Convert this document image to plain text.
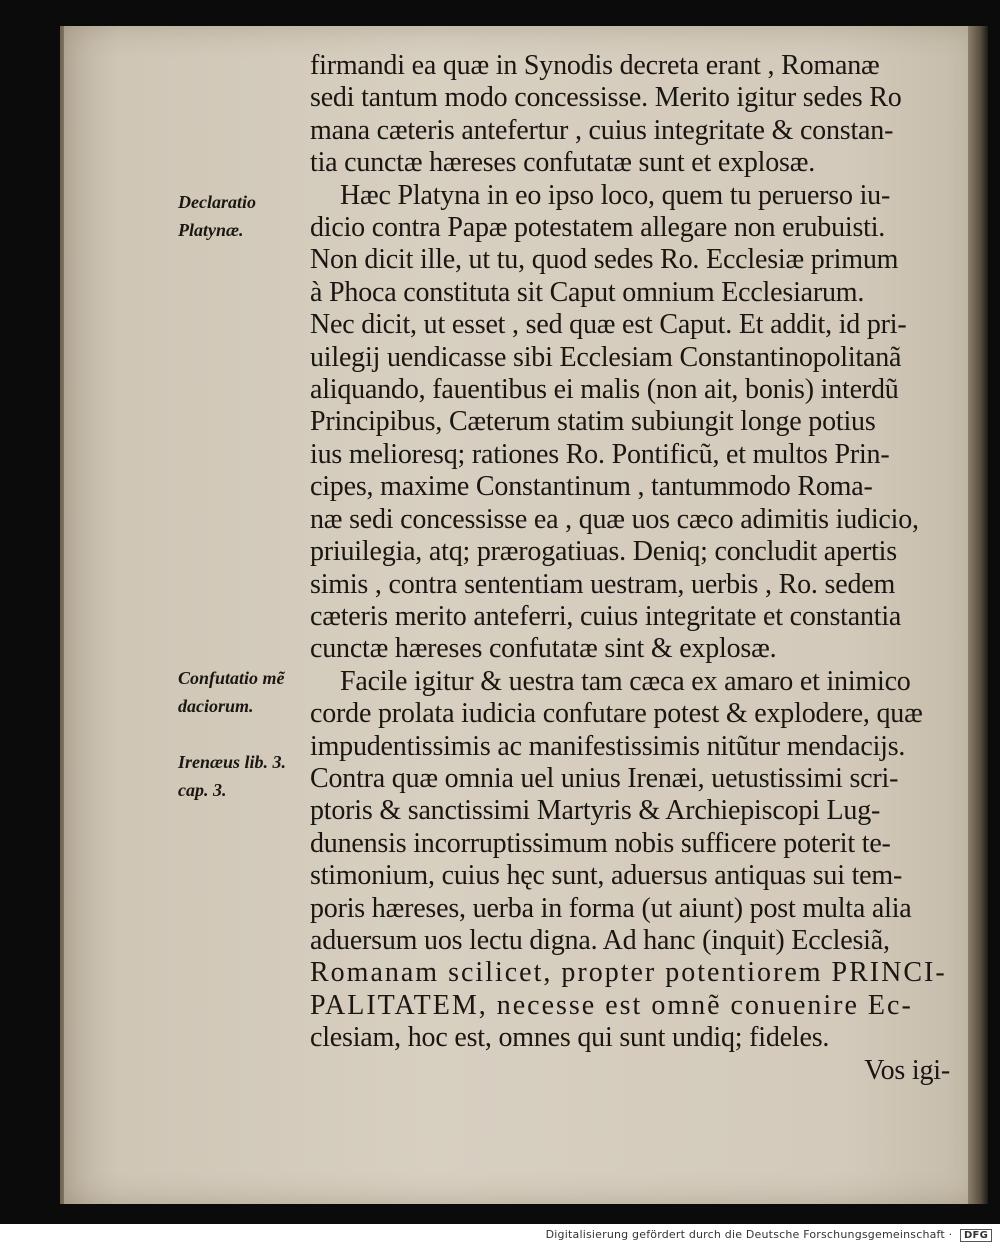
Declaratio
Platynæ.
Confutatio mẽ
daciorum.
Irenæus lib. 3.
cap. 3.
firmandi ea quæ in Synodis decreta erant , Romanæ
sedi tantum modo concessisse. Merito igitur sedes Ro
mana cæteris antefertur , cuius integritate & constan-
tia cunctæ hæreses confutatæ sunt et explosæ.
Hæc Platyna in eo ipso loco, quem tu peruerso iu-
dicio contra Papæ potestatem allegare non erubuisti.
Non dicit ille, ut tu, quod sedes Ro. Ecclesiæ primum
à Phoca constituta sit Caput omnium Ecclesiarum.
Nec dicit, ut esset , sed quæ est Caput. Et addit, id pri-
uilegij uendicasse sibi Ecclesiam Constantinopolitanã
aliquando, fauentibus ei malis (non ait, bonis) interdũ
Principibus, Cæterum statim subiungit longe potius
ius melioresq; rationes Ro. Pontificũ, et multos Prin-
cipes, maxime Constantinum , tantummodo Roma-
næ sedi concessisse ea , quæ uos cæco adimitis iudicio,
priuilegia, atq; prærogatiuas. Deniq; concludit apertis
simis , contra sententiam uestram, uerbis , Ro. sedem
cæteris merito anteferri, cuius integritate et constantia
cunctæ hæreses confutatæ sint & explosæ.
Facile igitur & uestra tam cæca ex amaro et inimico
corde prolata iudicia confutare potest & explodere, quæ
impudentissimis ac manifestissimis nitũtur mendacijs.
Contra quæ omnia uel unius Irenæi, uetustissimi scri-
ptoris & sanctissimi Martyris & Archiepiscopi Lug-
dunensis incorruptissimum nobis sufficere poterit te-
stimonium, cuius hęc sunt, aduersus antiquas sui tem-
poris hæreses, uerba in forma (ut aiunt) post multa alia
aduersum uos lectu digna. Ad hanc (inquit) Ecclesiã,
Romanam scilicet, propter potentiorem PRINCI-
PALITATEM, necesse est omnẽ conuenire Ec-
clesiam, hoc est, omnes qui sunt undiq; fideles.
Vos igi-
Digitalisierung gefördert durch die Deutsche Forschungsgemeinschaft · DFG
